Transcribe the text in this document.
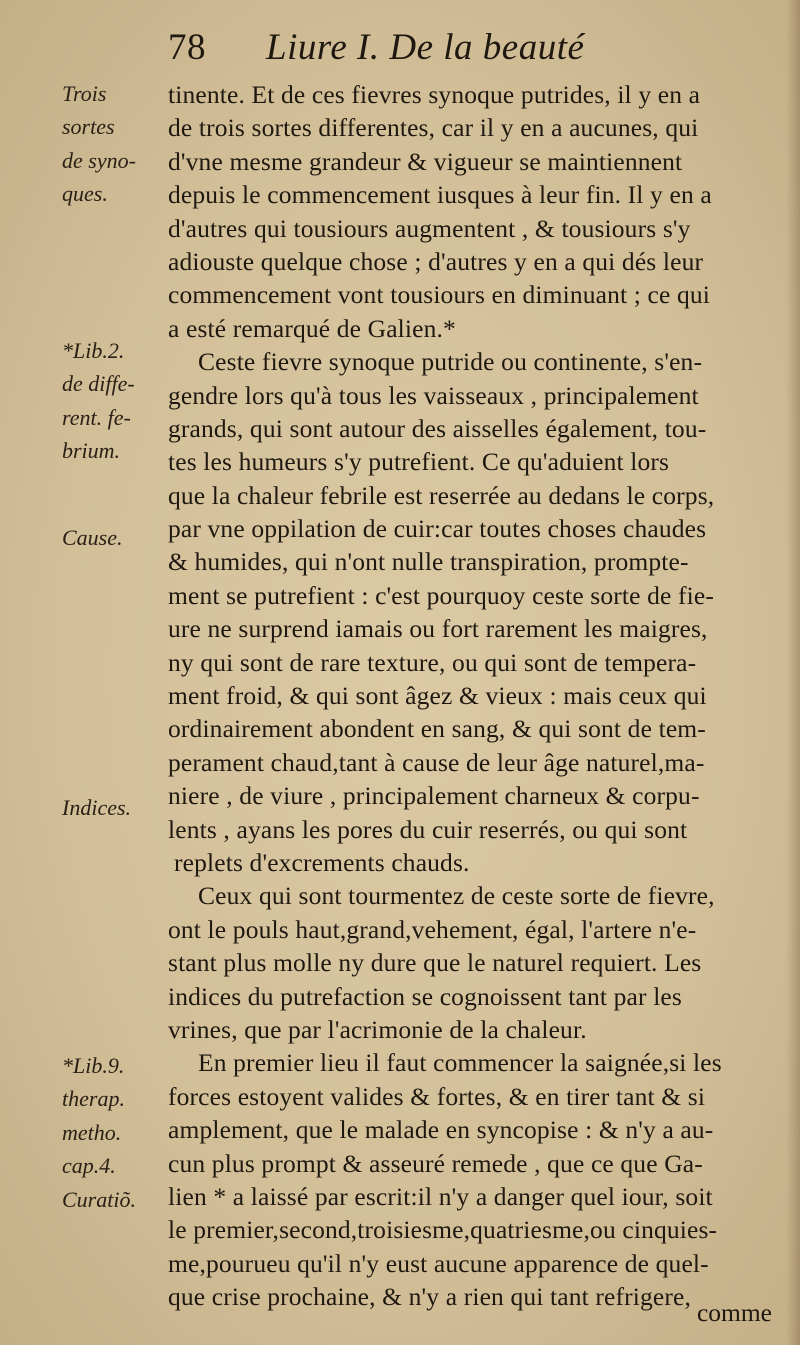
78 Liure I. De la beauté
Trois
sortes
de syno-
ques.
*Lib.2.
de diffe-
rent. fe-
brium.
Cause.
Indices.
*Lib.9.
therap.
metho.
cap.4.
Curatiõ.
tinente. Et de ces fievres synoque putrides, il y en a
de trois sortes differentes, car il y en a aucunes, qui
d'vne mesme grandeur & vigueur se maintiennent
depuis le commencement iusques à leur fin. Il y en a
d'autres qui tousiours augmentent , & tousiours s'y
adiouste quelque chose ; d'autres y en a qui dés leur
commencement vont tousiours en diminuant ; ce qui
a esté remarqué de Galien.*
Ceste fievre synoque putride ou continente, s'en-
gendre lors qu'à tous les vaisseaux , principalement
grands, qui sont autour des aisselles également, tou-
tes les humeurs s'y putrefient. Ce qu'aduient lors
que la chaleur febrile est reserrée au dedans le corps,
par vne oppilation de cuir:car toutes choses chaudes
& humides, qui n'ont nulle transpiration, prompte-
ment se putrefient : c'est pourquoy ceste sorte de fie-
ure ne surprend iamais ou fort rarement les maigres,
ny qui sont de rare texture, ou qui sont de tempera-
ment froid, & qui sont âgez & vieux : mais ceux qui
ordinairement abondent en sang, & qui sont de tem-
perament chaud,tant à cause de leur âge naturel,ma-
niere , de viure , principalement charneux & corpu-
lents , ayans les pores du cuir reserrés, ou qui sont
replets d'excrements chauds.
Ceux qui sont tourmentez de ceste sorte de fievre,
ont le pouls haut,grand,vehement, égal, l'artere n'e-
stant plus molle ny dure que le naturel requiert. Les
indices du putrefaction se cognoissent tant par les
vrines, que par l'acrimonie de la chaleur.
En premier lieu il faut commencer la saignée,si les
forces estoyent valides & fortes, & en tirer tant & si
amplement, que le malade en syncopise : & n'y a au-
cun plus prompt & asseuré remede , que ce que Ga-
lien * a laissé par escrit:il n'y a danger quel iour, soit
le premier,second,troisiesme,quatriesme,ou cinquies-
me,pourueu qu'il n'y eust aucune apparence de quel-
que crise prochaine, & n'y a rien qui tant refrigere,
comme
